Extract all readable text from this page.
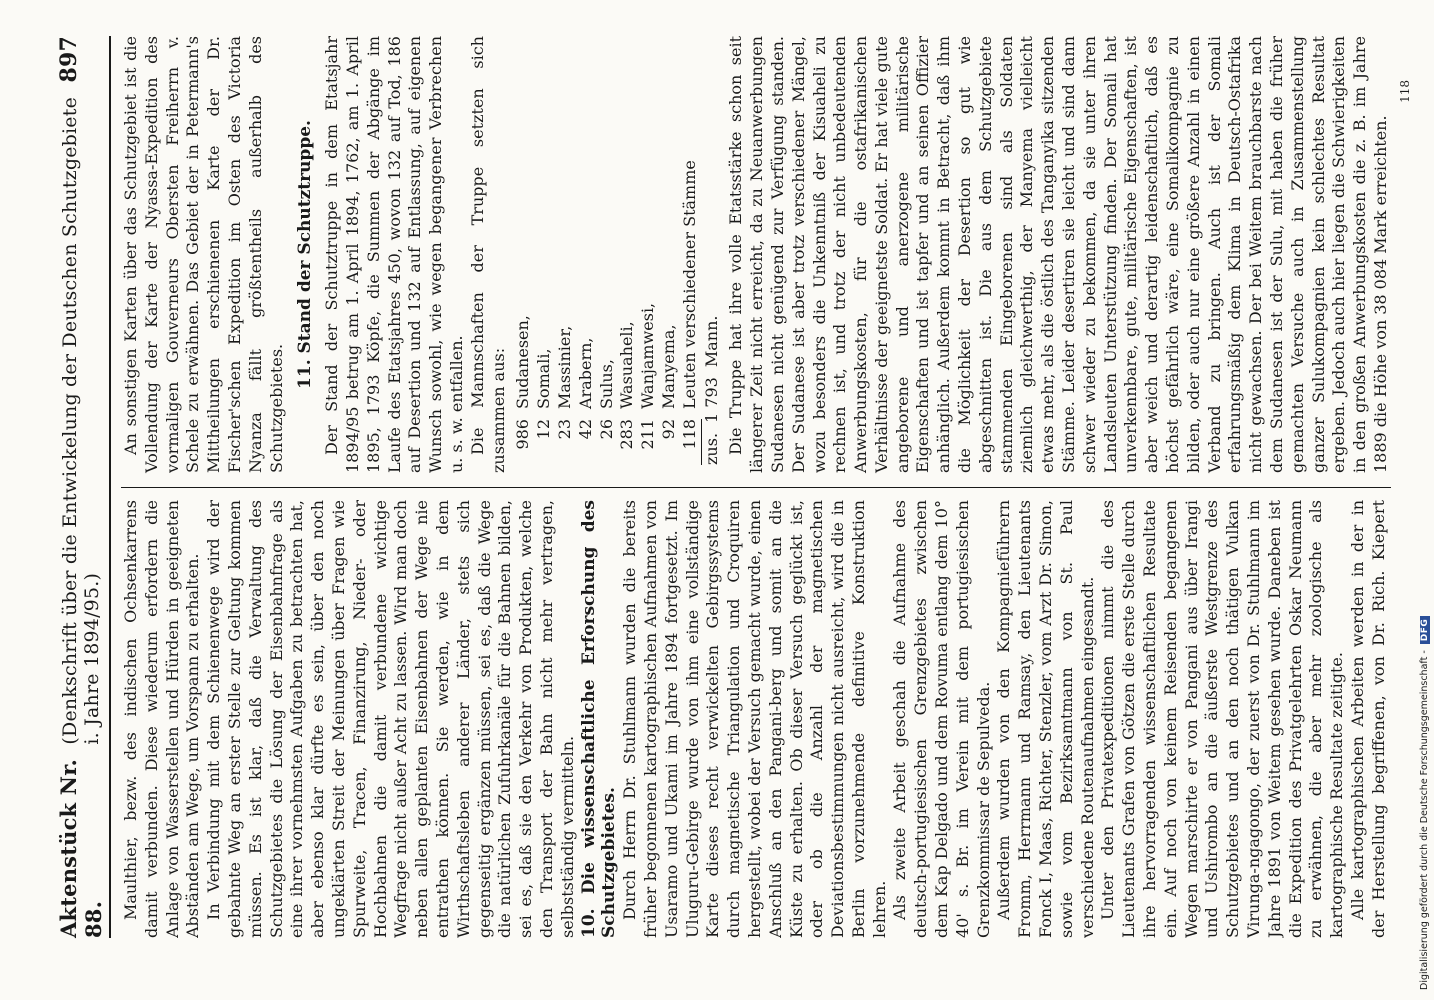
Aktenstück Nr. 88.
(Denkschrift über die Entwickelung der Deutschen Schutzgebiete i. Jahre 1894/95.)
897

Maulthier, bezw. des indischen Ochsenkarrens damit verbunden. Diese wiederum erfordern die Anlage von Wasserstellen und Hürden in geeigneten Abständen am Wege, um Vorspann zu erhalten. In Verbindung mit dem Schienenwege wird der gebahnte Weg an erster Stelle zur Geltung kommen müssen. Es ist klar, daß die Verwaltung des Schutzgebietes die Lösung der Eisenbahnfrage als eine ihrer vornehmsten Aufgaben zu betrachten hat, aber ebenso klar dürfte es sein, über den noch ungeklärten Streit der Meinungen über Fragen wie Spurweite, Tracen, Finanzirung, Nieder- oder Hochbahnen die damit verbundene wichtige Wegfrage nicht außer Acht zu lassen. Wird man doch neben allen geplanten Eisenbahnen der Wege nie entrathen können. Sie werden, wie in dem Wirthschaftsleben anderer Länder, stets sich gegenseitig ergänzen müssen, sei es, daß die Wege die natürlichen Zufuhrkanäle für die Bahnen bilden, sei es, daß sie den Verkehr von Produkten, welche den Transport der Bahn nicht mehr vertragen, selbstständig vermitteln. 10. Die wissenschaftliche Erforschung des Schutzgebietes. Durch Herrn Dr. Stuhlmann wurden die bereits früher begonnenen kartographischen Aufnahmen von Usaramo und Ukami im Jahre 1894 fortgesetzt. Im Uluguru-Gebirge wurde von ihm eine vollständige Karte dieses recht verwickelten Gebirgssystems durch magnetische Triangulation und Croquiren hergestellt, wobei der Versuch gemacht wurde, einen Anschluß an den Pangani-berg und somit an die Küste zu erhalten. Ob dieser Versuch geglückt ist, oder ob die Anzahl der magnetischen Deviationsbestimmungen nicht ausreicht, wird die in Berlin vorzunehmende definitive Konstruktion lehren. Als zweite Arbeit geschah die Aufnahme des deutsch-portugiesischen Grenzgebietes zwischen dem Kap Delgado und dem Rovuma entlang dem 10° 40' s. Br. im Verein mit dem portugiesischen Grenzkommissar de Sepulveda. Außerdem wurden von den Kompagnieführern Fromm, Herrmann und Ramsay, den Lieutenants Fonck I, Maas, Richter, Stenzler, vom Arzt Dr. Simon, sowie vom Bezirksamtmann von St. Paul verschiedene Routenaufnahmen eingesandt. Unter den Privatexpeditionen nimmt die des Lieutenants Grafen von Götzen die erste Stelle durch ihre hervorragenden wissenschaftlichen Resultate ein. Auf noch von keinem Reisenden begangenen Wegen marschirte er von Pangani aus über Irangi und Ushirombo an die äußerste Westgrenze des Schutzgebietes und an den noch thätigen Vulkan Virunga-ngagongo, der zuerst von Dr. Stuhlmann im Jahre 1891 von Weitem gesehen wurde. Daneben ist die Expedition des Privatgelehrten Oskar Neumann zu erwähnen, die aber mehr zoologische als kartographische Resultate zeitigte. Alle kartographischen Arbeiten werden in der in der Herstellung begriffenen, von Dr. Rich. Kiepert

An sonstigen Karten über das Schutzgebiet ist die Vollendung der Karte der Nyassa-Expedition des vormaligen Gouverneurs Obersten Freiherrn v. Schele zu erwähnen. Das Gebiet der in Petermann's Mittheilungen erschienenen Karte der Dr. Fischer'schen Expedition im Osten des Victoria Nyanza fällt größtentheils außerhalb des Schutzgebietes.

11. Stand der Schutztruppe. Der Stand der Schutztruppe in dem Etatsjahr 1894/95 betrug am 1. April 1894, 1762, am 1. April 1895, 1793 Köpfe, die Summen der Abgänge im Laufe des Etatsjahres 450, wovon 132 auf Tod, 186 auf Desertion und 132 auf Entlassung, auf eigenen Wunsch sowohl, wie wegen begangener Verbrechen u. s. w. entfallen. Die Mannschaften der Truppe setzten sich zusammen aus: 986
Sudanesen,
12
Somali,
23
Massinier,
42
Arabern,
26
Sulus,
283
Wasuaheli,
211
Wanjamwesi,
92
Manyema,
118
Leuten verschiedener Stämme
zus.
1 793
Mann. Die Truppe hat ihre volle Etatsstärke schon seit längerer Zeit nicht erreicht, da zu Neuanwerbungen Sudanesen nicht genügend zur Verfügung standen. Der Sudanese ist aber trotz verschiedener Mängel, wozu besonders die Unkenntniß der Kisuaheli zu rechnen ist, und trotz der nicht unbedeutenden Anwerbungskosten, für die ostafrikanischen Verhältnisse der geeignetste Soldat. Er hat viele gute angeborene und anerzogene militärische Eigenschaften und ist tapfer und an seinen Offizier anhänglich. Außerdem kommt in Betracht, daß ihm die Möglichkeit der Desertion so gut wie abgeschnitten ist. Die aus dem Schutzgebiete stammenden Eingeborenen sind als Soldaten ziemlich gleichwerthig, der Manyema vielleicht etwas mehr, als die östlich des Tanganyika sitzenden Stämme. Leider desertiren sie leicht und sind dann schwer wieder zu bekommen, da sie unter ihren Landsleuten Unterstützung finden. Der Somali hat unverkennbare, gute, militärische Eigenschaften, ist aber weich und derartig leidenschaftlich, daß es höchst gefährlich wäre, eine Somalikompagnie zu bilden, oder auch nur eine größere Anzahl in einen Verband zu bringen. Auch ist der Somali erfahrungsmäßig dem Klima in Deutsch-Ostafrika nicht gewachsen. Der bei Weitem brauchbarste nach dem Sudanesen ist der Sulu, mit haben die früher gemachten Versuche auch in Zusammenstellung ganzer Sulukompagnien kein schlechtes Resultat ergeben. Jedoch auch hier liegen die Schwierigkeiten in den großen Anwerbungskosten die z. B. im Jahre 1889 die Höhe von 38 084 Mark erreichten.

118
Digitalisierung gefördert durch die Deutsche Forschungsgemeinschaft -
DFG
